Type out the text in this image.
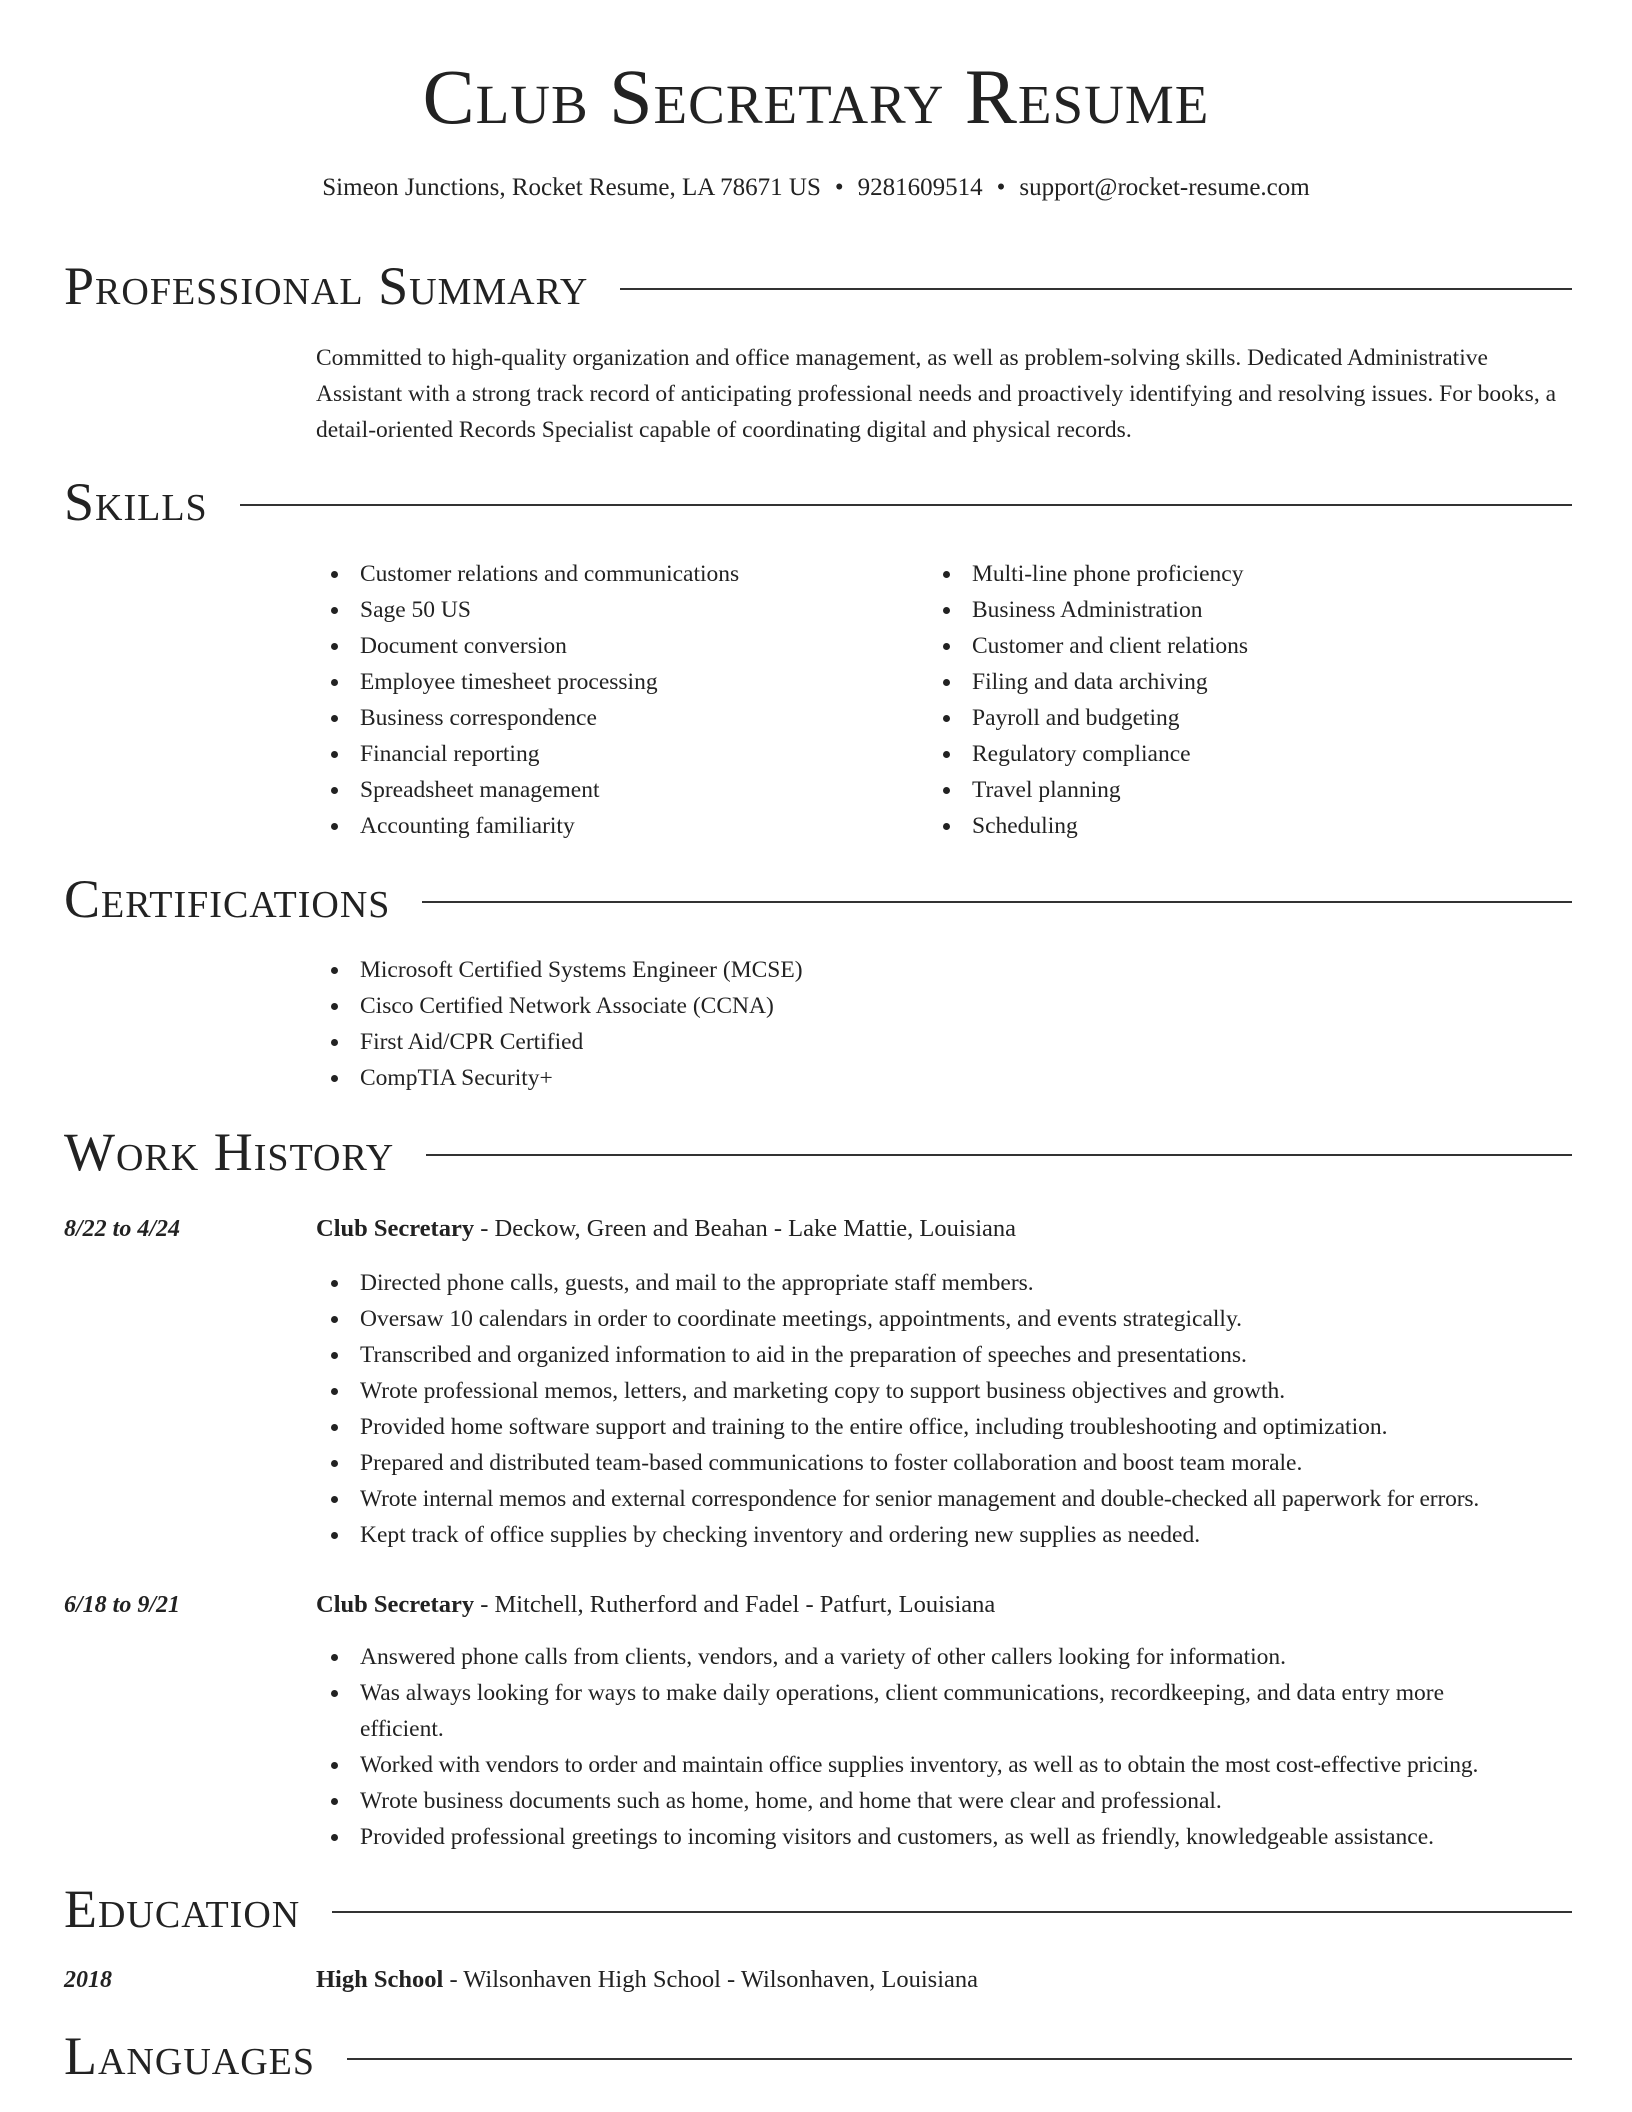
Club Secretary Resume
Simeon Junctions, Rocket Resume, LA 78671 US • 9281609514 • support@rocket-resume.com
Professional Summary

Committed to high-quality organization and office management, as well as problem-solving skills. Dedicated Administrative Assistant with a strong track record of anticipating professional needs and proactively identifying and resolving issues. For books, a detail-oriented Records Specialist capable of coordinating digital and physical records.

Skills
Customer relations and communications
Sage 50 US
Document conversion
Employee timesheet processing
Business correspondence
Financial reporting
Spreadsheet management
Accounting familiarity
Multi-line phone proficiency
Business Administration
Customer and client relations
Filing and data archiving
Payroll and budgeting
Regulatory compliance
Travel planning
Scheduling
Certifications
Microsoft Certified Systems Engineer (MCSE)
Cisco Certified Network Associate (CCNA)
First Aid/CPR Certified
CompTIA Security+
Work History
8/22 to 4/24	Club Secretary - Deckow, Green and Beahan - Lake Mattie, Louisiana
Directed phone calls, guests, and mail to the appropriate staff members.
Oversaw 10 calendars in order to coordinate meetings, appointments, and events strategically.
Transcribed and organized information to aid in the preparation of speeches and presentations.
Wrote professional memos, letters, and marketing copy to support business objectives and growth.
Provided home software support and training to the entire office, including troubleshooting and optimization.
Prepared and distributed team-based communications to foster collaboration and boost team morale.
Wrote internal memos and external correspondence for senior management and double-checked all paperwork for errors.
Kept track of office supplies by checking inventory and ordering new supplies as needed.
6/18 to 9/21	Club Secretary - Mitchell, Rutherford and Fadel - Patfurt, Louisiana
Answered phone calls from clients, vendors, and a variety of other callers looking for information.
Was always looking for ways to make daily operations, client communications, recordkeeping, and data entry more efficient.
Worked with vendors to order and maintain office supplies inventory, as well as to obtain the most cost-effective pricing.
Wrote business documents such as home, home, and home that were clear and professional.
Provided professional greetings to incoming visitors and customers, as well as friendly, knowledgeable assistance.
Education
2018	High School - Wilsonhaven High School - Wilsonhaven, Louisiana
Languages
